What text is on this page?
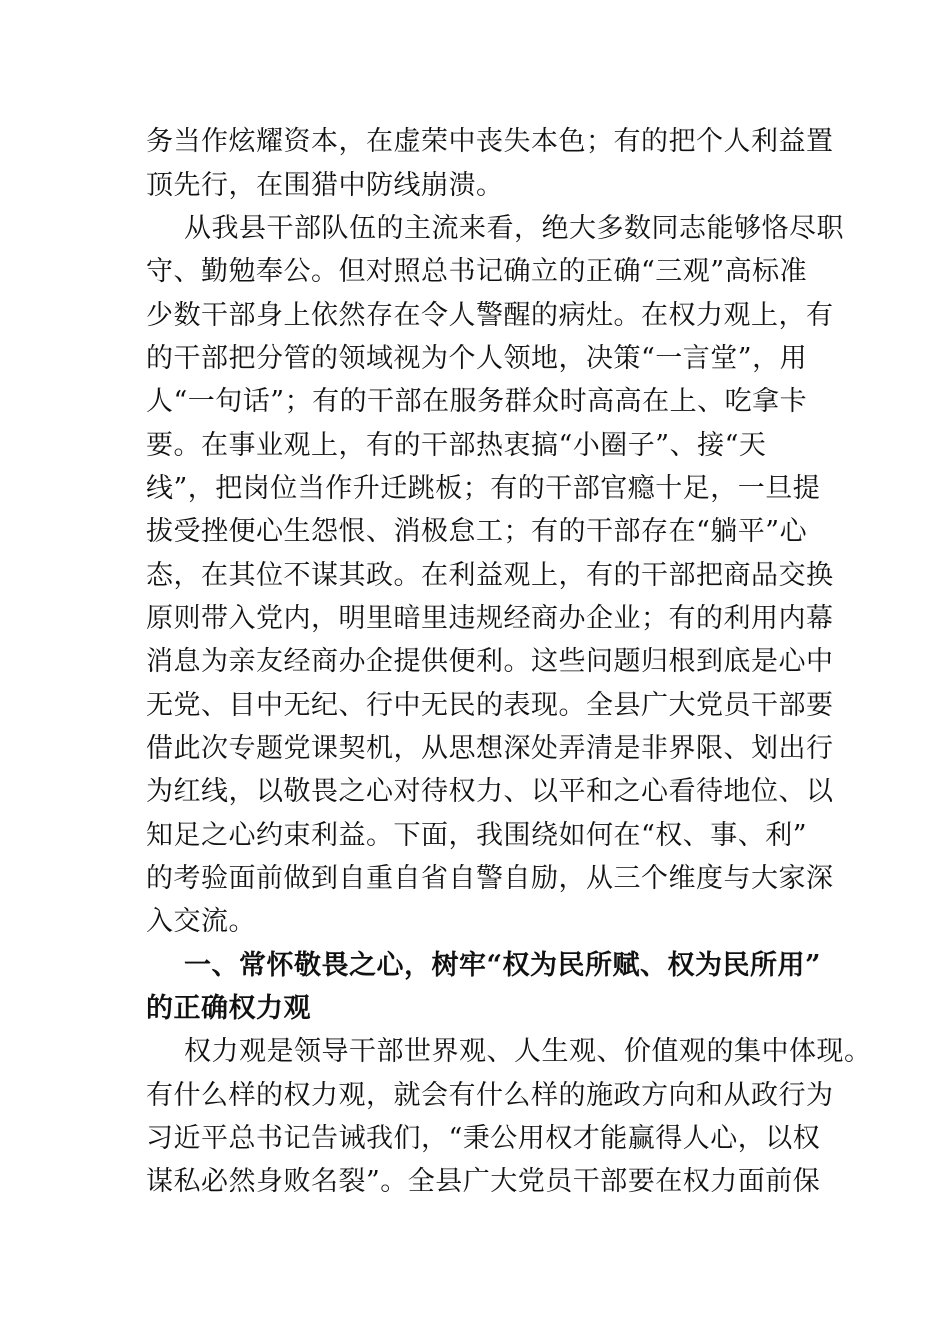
务当作炫耀资本，在虚荣中丧失本色；有的把个人利益置
顶先行，在围猎中防线崩溃。
从我县干部队伍的主流来看，绝大多数同志能够恪尽职
守、勤勉奉公。但对照总书记确立的正确“三观”高标准
少数干部身上依然存在令人警醒的病灶。在权力观上，有
的干部把分管的领域视为个人领地，决策“一言堂”，用
人“一句话”；有的干部在服务群众时高高在上、吃拿卡
要。在事业观上，有的干部热衷搞“小圈子”、接“天
线”，把岗位当作升迁跳板；有的干部官瘾十足，一旦提
拔受挫便心生怨恨、消极怠工；有的干部存在“躺平”心
态，在其位不谋其政。在利益观上，有的干部把商品交换
原则带入党内，明里暗里违规经商办企业；有的利用内幕
消息为亲友经商办企提供便利。这些问题归根到底是心中
无党、目中无纪、行中无民的表现。全县广大党员干部要
借此次专题党课契机，从思想深处弄清是非界限、划出行
为红线，以敬畏之心对待权力、以平和之心看待地位、以
知足之心约束利益。下面，我围绕如何在“权、事、利”
的考验面前做到自重自省自警自励，从三个维度与大家深
入交流。
一、常怀敬畏之心，树牢“权为民所赋、权为民所用”
的正确权力观
权力观是领导干部世界观、人生观、价值观的集中体现。
有什么样的权力观，就会有什么样的施政方向和从政行为
习近平总书记告诫我们，“秉公用权才能赢得人心，以权
谋私必然身败名裂”。全县广大党员干部要在权力面前保
